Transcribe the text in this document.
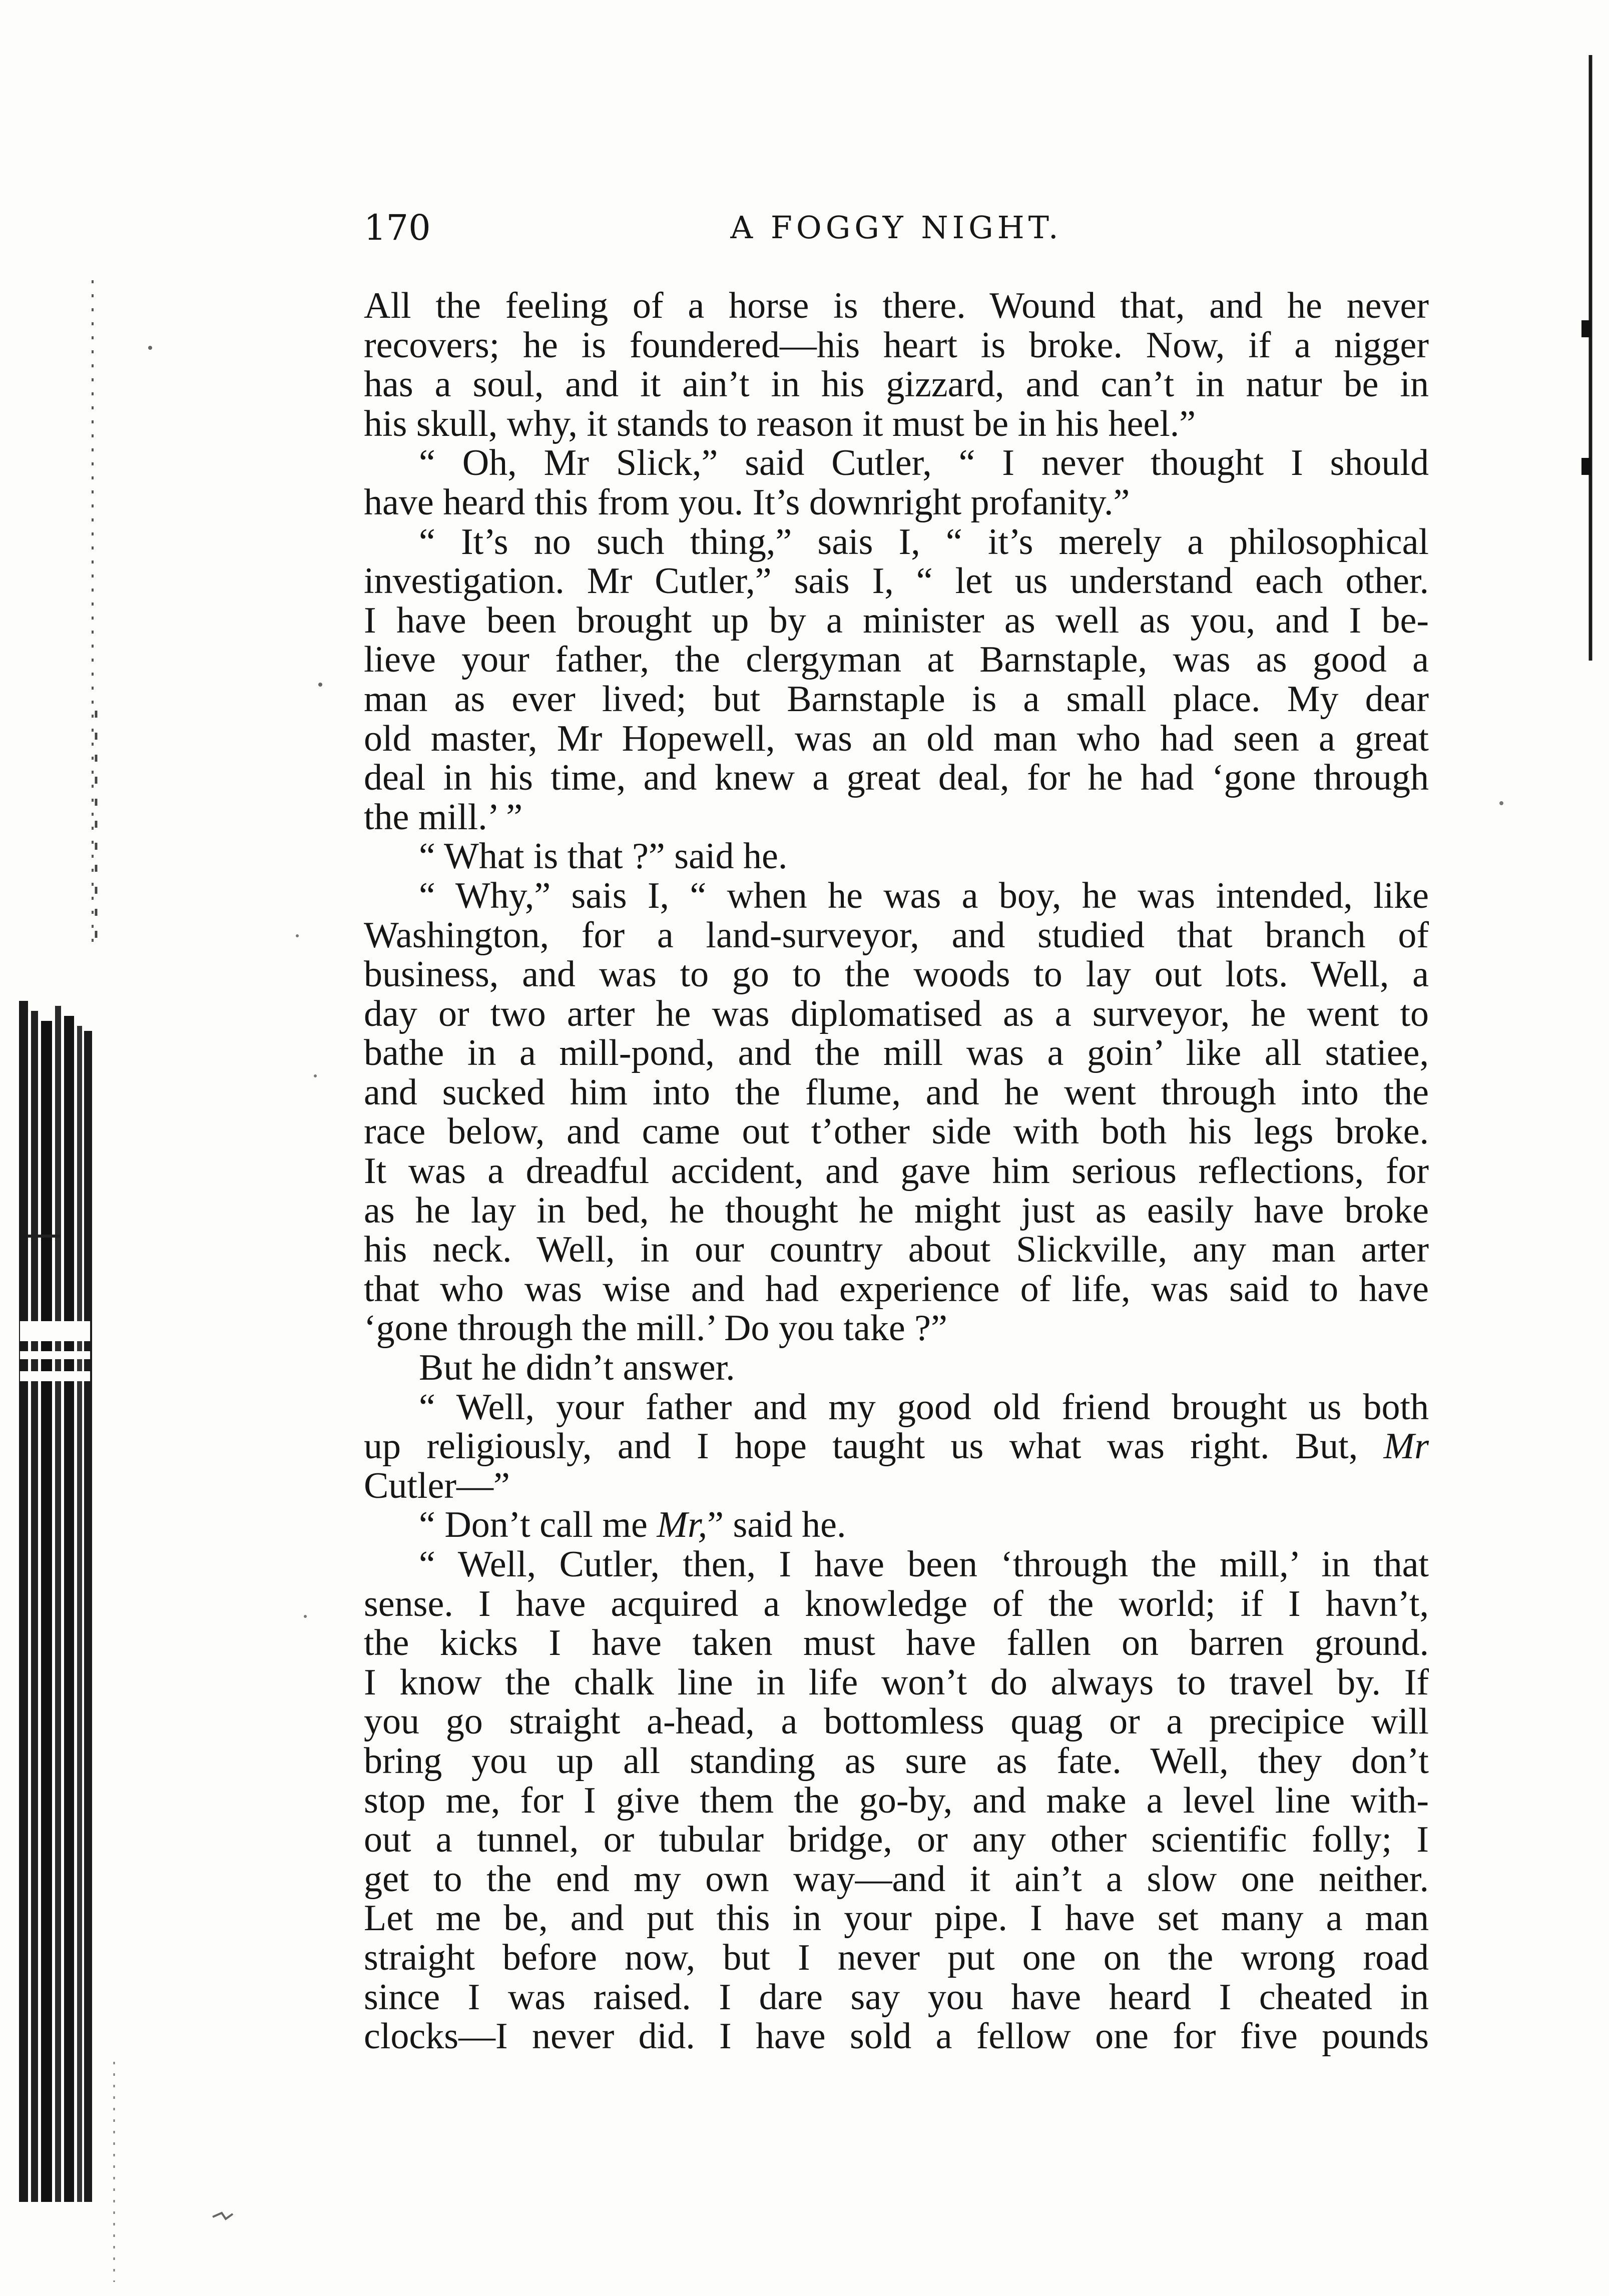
170	A FOGGY NIGHT.
All the feeling of a horse is there. Wound that, and he never
recovers; he is foundered—his heart is broke. Now, if a nigger
has a soul, and it ain’t in his gizzard, and can’t in natur be in
his skull, why, it stands to reason it must be in his heel.”
“ Oh, Mr Slick,” said Cutler, “ I never thought I should
have heard this from you. It’s downright profanity.”
“ It’s no such thing,” sais I, “ it’s merely a philosophical
investigation. Mr Cutler,” sais I, “ let us understand each other.
I have been brought up by a minister as well as you, and I be-
lieve your father, the clergyman at Barnstaple, was as good a
man as ever lived; but Barnstaple is a small place. My dear
old master, Mr Hopewell, was an old man who had seen a great
deal in his time, and knew a great deal, for he had ‘gone through
the mill.’ ”
“ What is that ?” said he.
“ Why,” sais I, “ when he was a boy, he was intended, like
Washington, for a land-surveyor, and studied that branch of
business, and was to go to the woods to lay out lots. Well, a
day or two arter he was diplomatised as a surveyor, he went to
bathe in a mill-pond, and the mill was a goin’ like all statiee,
and sucked him into the flume, and he went through into the
race below, and came out t’other side with both his legs broke.
It was a dreadful accident, and gave him serious reflections, for
as he lay in bed, he thought he might just as easily have broke
his neck. Well, in our country about Slickville, any man arter
that who was wise and had experience of life, was said to have
‘gone through the mill.’ Do you take ?”
But he didn’t answer.
“ Well, your father and my good old friend brought us both
up religiously, and I hope taught us what was right. But, Mr
Cutler—”
“ Don’t call me Mr,” said he.
“ Well, Cutler, then, I have been ‘through the mill,’ in that
sense. I have acquired a knowledge of the world; if I havn’t,
the kicks I have taken must have fallen on barren ground.
I know the chalk line in life won’t do always to travel by. If
you go straight a-head, a bottomless quag or a precipice will
bring you up all standing as sure as fate. Well, they don’t
stop me, for I give them the go-by, and make a level line with-
out a tunnel, or tubular bridge, or any other scientific folly; I
get to the end my own way—and it ain’t a slow one neither.
Let me be, and put this in your pipe. I have set many a man
straight before now, but I never put one on the wrong road
since I was raised. I dare say you have heard I cheated in
clocks—I never did. I have sold a fellow one for five pounds
